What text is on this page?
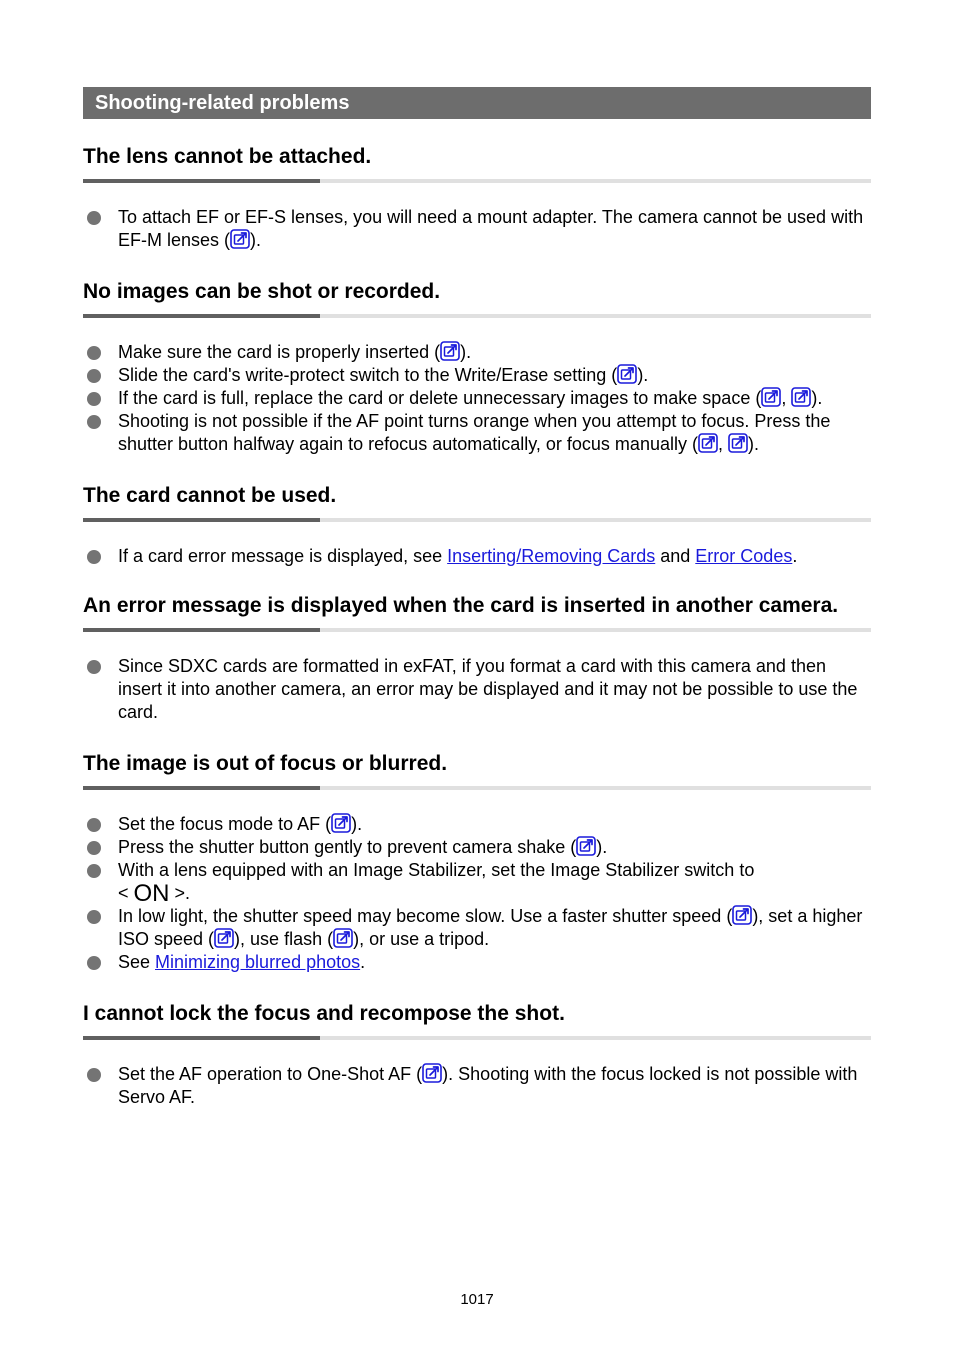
Shooting-related problems
The lens cannot be attached.
To attach EF or EF-S lenses, you will need a mount adapter. The camera cannot be used with EF-M lenses ( ).
No images can be shot or recorded.
Make sure the card is properly inserted ( ).
Slide the card's write-protect switch to the Write/Erase setting ( ).
If the card is full, replace the card or delete unnecessary images to make space ( ,
).
Shooting is not possible if the AF point turns orange when you attempt to focus. Press the shutter button halfway again to refocus automatically, or focus manually ( ,
).
The card cannot be used.
If a card error message is displayed, see Inserting/Removing Cards and Error Codes.
An error message is displayed when the card is inserted in another camera.
Since SDXC cards are formatted in exFAT, if you format a card with this camera and then insert it into another camera, an error may be displayed and it may not be possible to use the card.
The image is out of focus or blurred.
Set the focus mode to AF ( ).
Press the shutter button gently to prevent camera shake ( ).
With a lens equipped with an Image Stabilizer, set the Image Stabilizer switch to
< ON >.
In low light, the shutter speed may become slow. Use a faster shutter speed ( ), set a higher ISO speed ( ), use flash ( ), or use a tripod.
See Minimizing blurred photos.
I cannot lock the focus and recompose the shot.
Set the AF operation to One-Shot AF ( ). Shooting with the focus locked is not possible with Servo AF.
1017
